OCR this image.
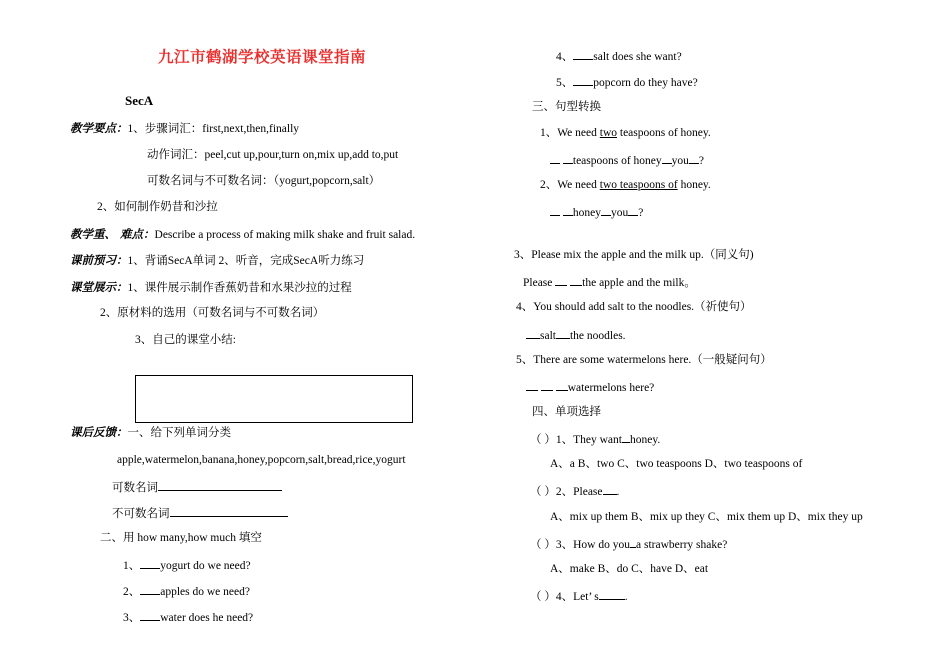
九江市鹤湖学校英语课堂指南
SecA
教学要点：1、步骤词汇：first,next,then,finally
动作词汇：peel,cut up,pour,turn on,mix up,add to,put
可数名词与不可数名词：（yogurt,popcorn,salt）
2、如何制作奶昔和沙拉
教学重、 难点：Describe a process of making milk shake and fruit salad.
课前预习：1、背诵SecA单词 2、听音，完成SecA听力练习
课堂展示：1、课件展示制作香蕉奶昔和水果沙拉的过程
2、原材料的选用（可数名词与不可数名词）
3、自己的课堂小结:
课后反馈：一、给下列单词分类
apple,watermelon,banana,honey,popcorn,salt,bread,rice,yogurt
可数名词
不可数名词
二、用 how many,how much 填空
1、 yogurt do we need?
2、 apples do we need?
3、 water does he need?
4、 salt does she want?
5、 popcorn do they have?
三、句型转换
1、We need two teaspoons of honey.
teaspoons of honey you ?
2、We need two teaspoons of honey.
honey you ?
3、Please mix the apple and the milk up.（同义句)
Please  the apple and the milk。
4、You should add salt to the noodles.（祈使句）
salt the noodles.
5、There are some watermelons here.（一般疑问句）
watermelons here?
四、单项选择
（ ）1、They want honey.
A、a B、two C、two teaspoons D、two teaspoons of
（ ）2、Please .
A、mix up them B、mix up they C、mix them up D、mix they up
（ ）3、How do you a strawberry shake?
A、make B、do C、have D、eat
（ ）4、Let’ s .
